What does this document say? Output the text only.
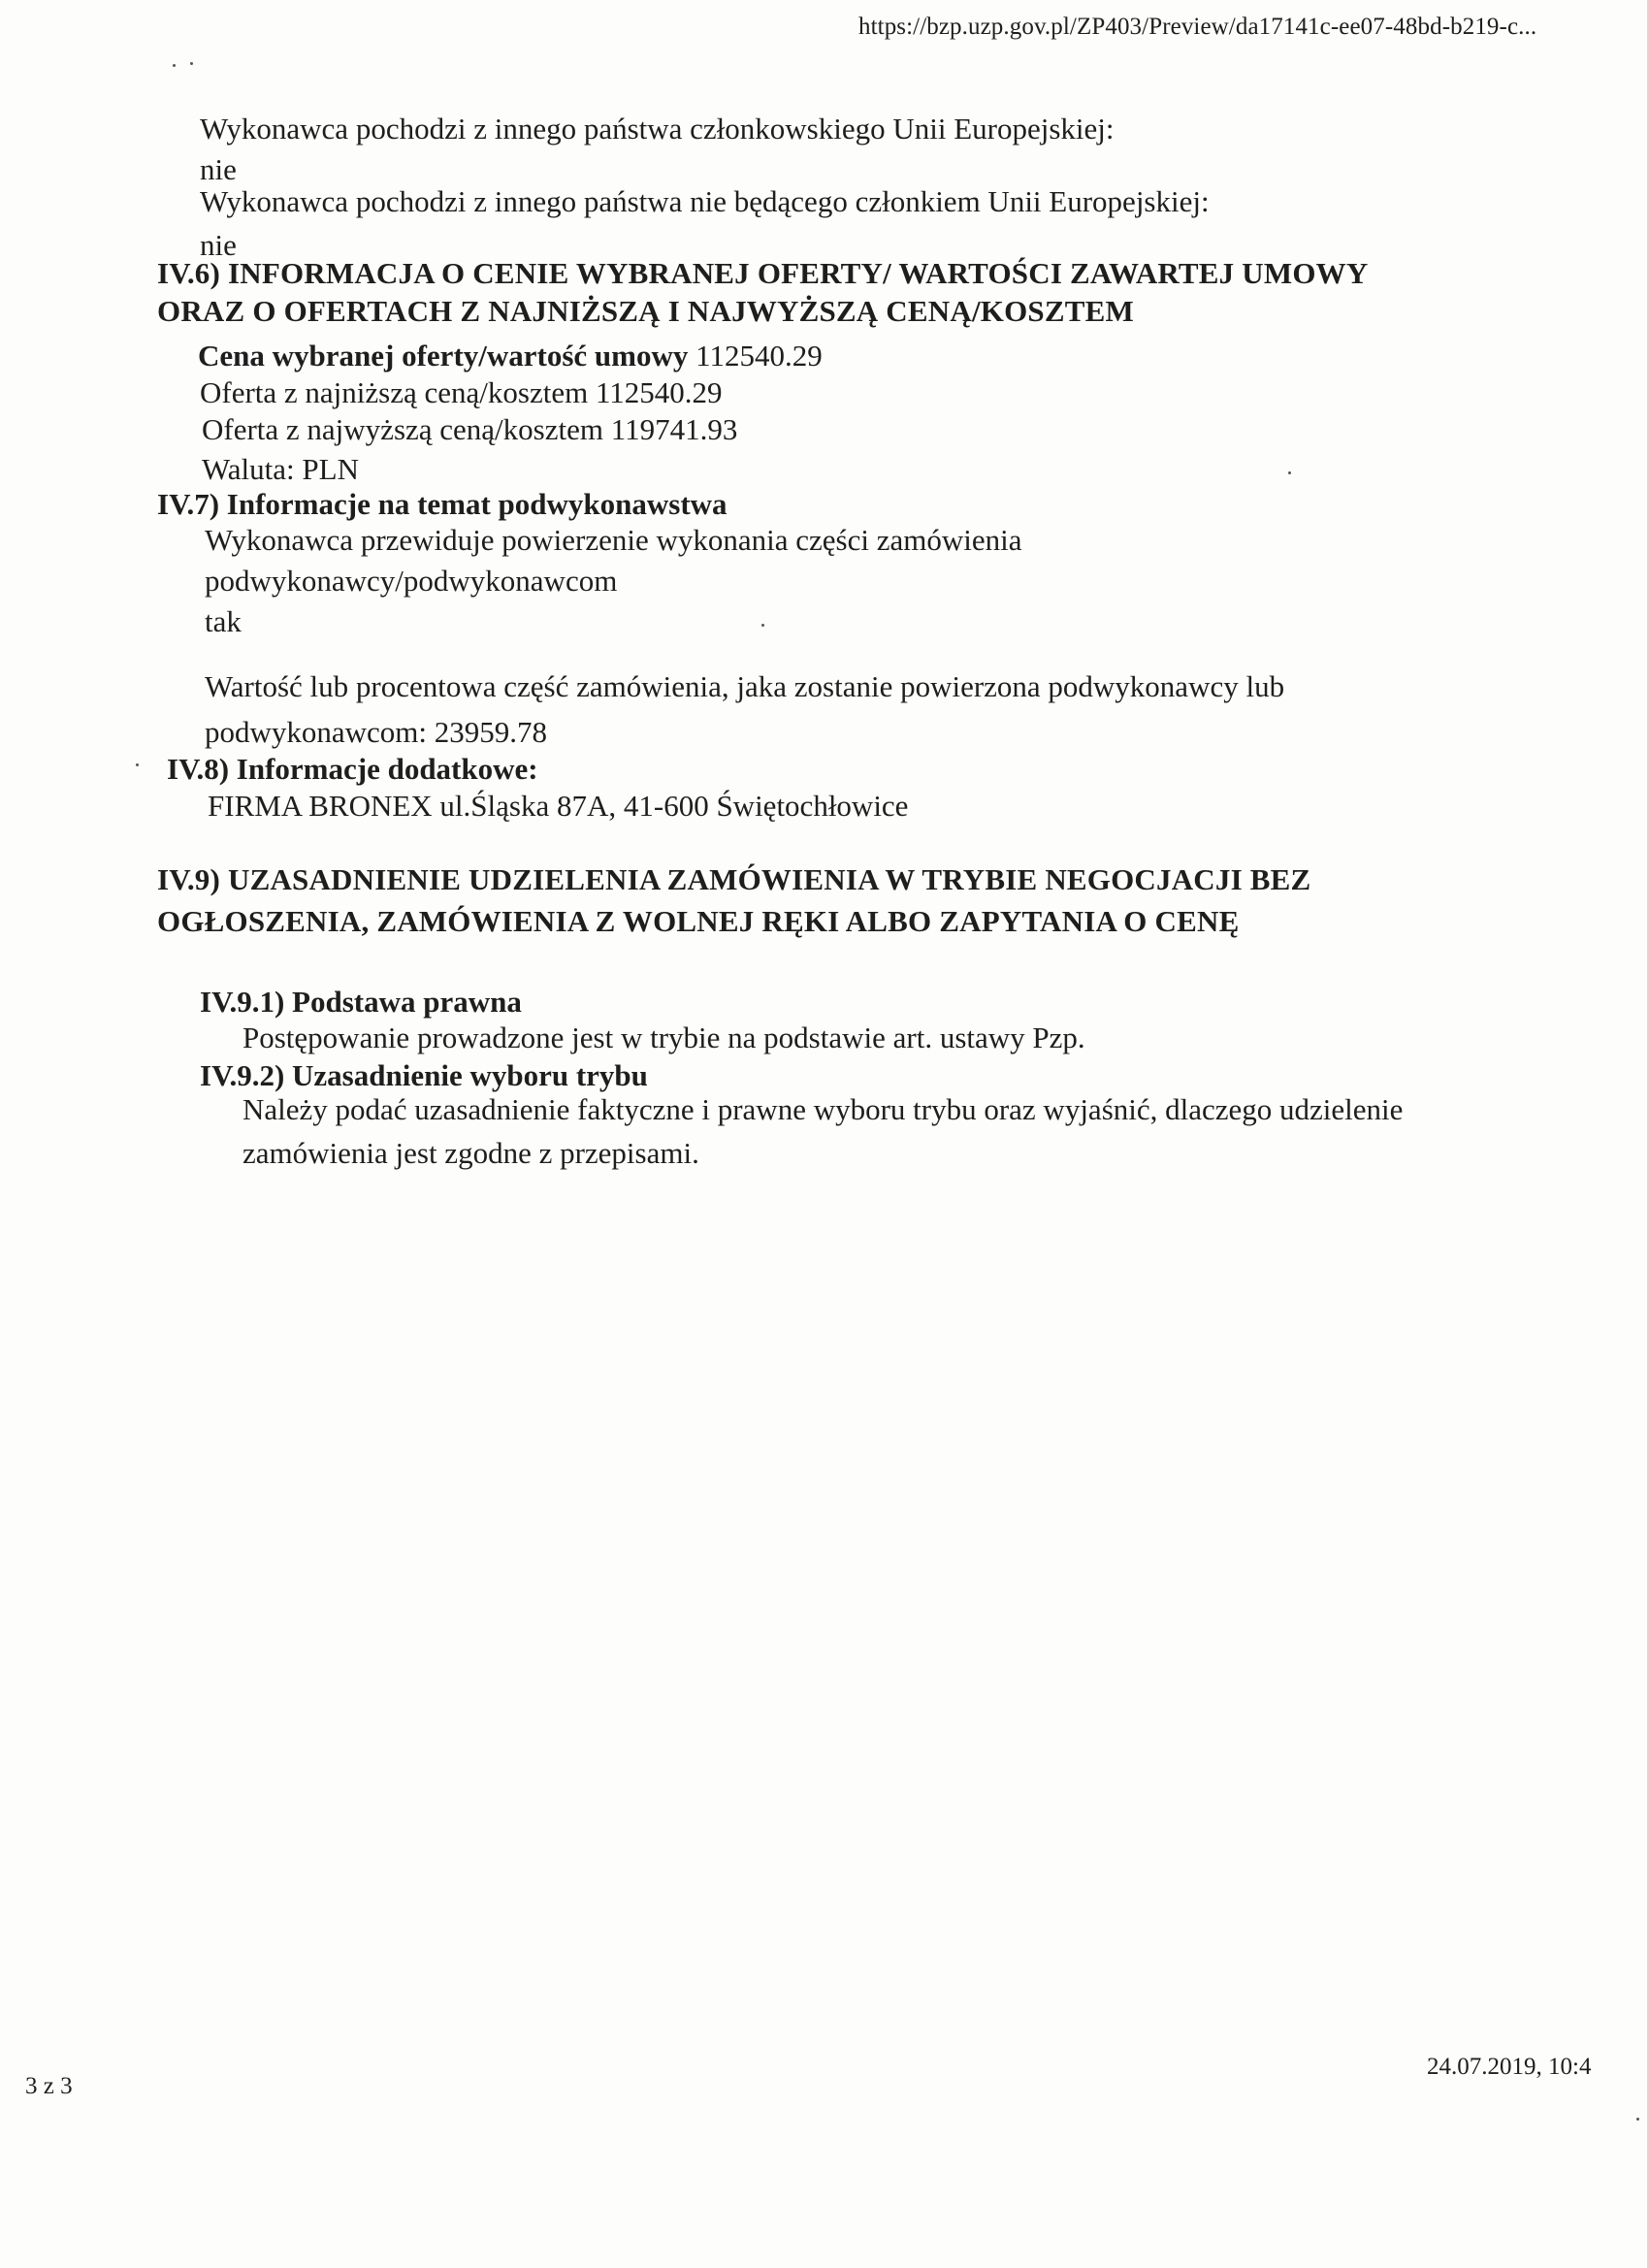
https://bzp.uzp.gov.pl/ZP403/Preview/da17141c-ee07-48bd-b219-c...
Wykonawca pochodzi z innego państwa członkowskiego Unii Europejskiej:
nie
Wykonawca pochodzi z innego państwa nie będącego członkiem Unii Europejskiej:
nie
IV.6) INFORMACJA O CENIE WYBRANEJ OFERTY/ WARTOŚCI ZAWARTEJ UMOWY
ORAZ O OFERTACH Z NAJNIŻSZĄ I NAJWYŻSZĄ CENĄ/KOSZTEM
Cena wybranej oferty/wartość umowy 112540.29
Oferta z najniższą ceną/kosztem 112540.29
Oferta z najwyższą ceną/kosztem 119741.93
Waluta: PLN
IV.7) Informacje na temat podwykonawstwa
Wykonawca przewiduje powierzenie wykonania części zamówienia
podwykonawcy/podwykonawcom
tak
Wartość lub procentowa część zamówienia, jaka zostanie powierzona podwykonawcy lub
podwykonawcom: 23959.78
IV.8) Informacje dodatkowe:
FIRMA BRONEX ul.Śląska 87A, 41-600 Świętochłowice
IV.9) UZASADNIENIE UDZIELENIA ZAMÓWIENIA W TRYBIE NEGOCJACJI BEZ
OGŁOSZENIA, ZAMÓWIENIA Z WOLNEJ RĘKI ALBO ZAPYTANIA O CENĘ
IV.9.1) Podstawa prawna
Postępowanie prowadzone jest w trybie na podstawie art. ustawy Pzp.
IV.9.2) Uzasadnienie wyboru trybu
Należy podać uzasadnienie faktyczne i prawne wyboru trybu oraz wyjaśnić, dlaczego udzielenie
zamówienia jest zgodne z przepisami.
3 z 3
24.07.2019, 10:4
